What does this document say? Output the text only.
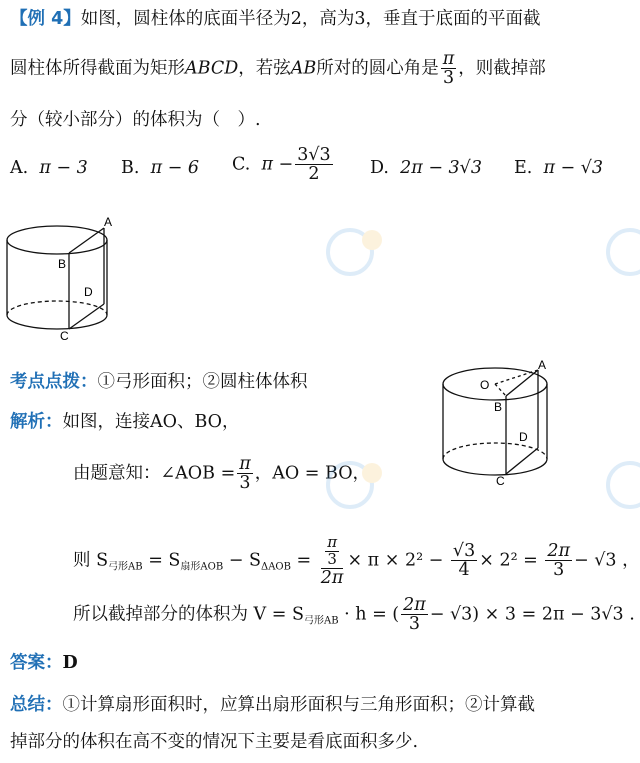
【例 4】如图，圆柱体的底面半径为2，高为3，垂直于底面的平面截
圆柱体所得截面为矩形ABCD，若弦AB所对的圆心角是 $\frac{\pi}{3}$ ，则截掉部
分（较小部分）的体积为（　）.
A. π − 3 B. π − 6 C. $\pi - \frac{3√3}{2} D$. 2π − 3√3 E. π − √3
A
B
D
C
考点点拨：①弓形面积；②圆柱体体积
解析：如图，连接AO、BO，
由题意知：∠AOB = $\frac{\pi}{3}$ ，AO = BO，
则 $S_{弓形AB} = S_{扇形AOB} - S_{\Delta AOB} = \frac{\frac{\pi}{3}}{2\pi} \times \pi \times 2^2 - \frac{√3}{4} \times 2^2 = \frac{2\pi}{3} - √3$ ，
所以截掉部分的体积为 $V = S_{弓形AB} \cdot h$ = ( $\frac{2\pi}{3} - √3) \times 3 = 2\pi - 3√3$ .
O
A
B
D
C
答案：D
总结：①计算扇形面积时，应算出扇形面积与三角形面积；②计算截
掉部分的体积在高不变的情况下主要是看底面积多少.
